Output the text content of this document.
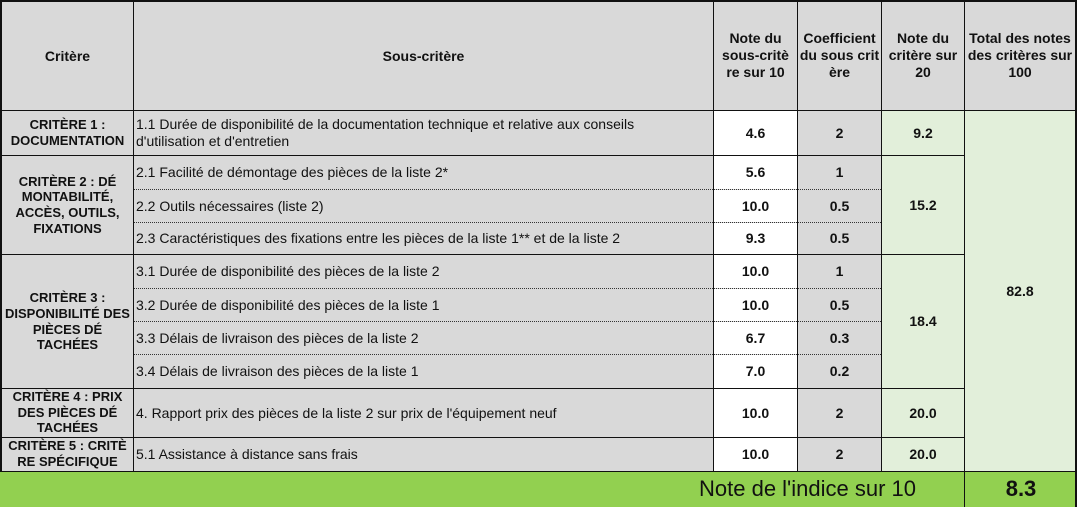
Critère	Sous-critère
Note du sous-critè re sur 10
Coefficient du sous crit ère
Note du critère sur 20
Total des notes des critères sur 100
CRITÈRE 1 : DOCUMENTATION
CRITÈRE 2 : DÉ MONTABILITÉ, ACCÈS, OUTILS, FIXATIONS
CRITÈRE 3 : DISPONIBILITÉ DES PIÈCES DÉ TACHÉES
CRITÈRE 4 : PRIX DES PIÈCES DÉ TACHÉES
CRITÈRE 5 : CRITÈ RE SPÉCIFIQUE
1.1 Durée de disponibilité de la documentation technique et relative aux conseils d'utilisation et d'entretien
2.1 Facilité de démontage des pièces de la liste 2*
2.2 Outils nécessaires (liste 2)
2.3 Caractéristiques des fixations entre les pièces de la liste 1** et de la liste 2
3.1 Durée de disponibilité des pièces de la liste 2
3.2 Durée de disponibilité des pièces de la liste 1
3.3 Délais de livraison des pièces de la liste 2
3.4 Délais de livraison des pièces de la liste 1
4. Rapport prix des pièces de la liste 2 sur prix de l'équipement neuf
5.1 Assistance à distance sans frais
4.6
5.6
10.0
9.3
10.0
10.0
6.7
7.0
10.0
10.0
2
1
0.5
0.5
1
0.5
0.3
0.2
2
2
9.2
15.2
18.4
20.0
20.0
82.8
Note de l'indice sur 10	8.3
